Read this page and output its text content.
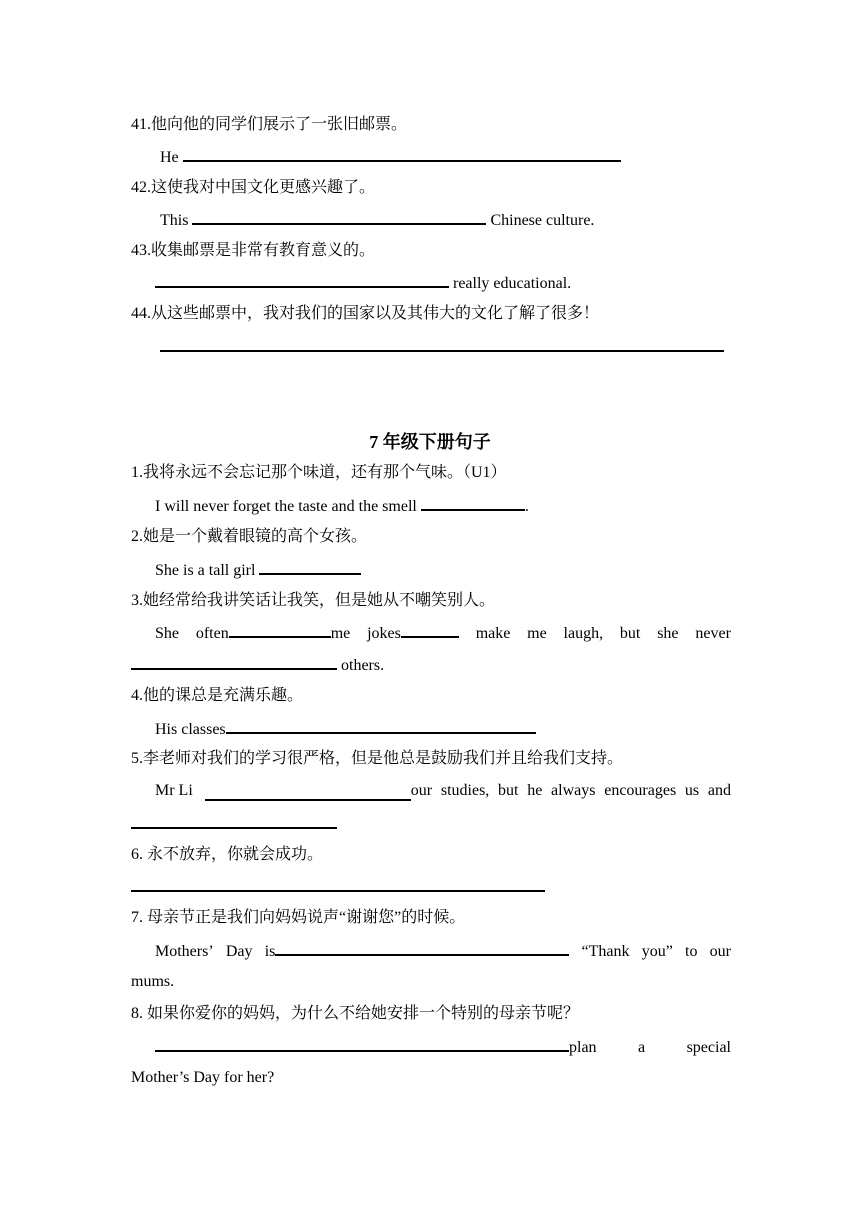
41.他向他的同学们展示了一张旧邮票。
He
42.这使我对中国文化更感兴趣了。
This	Chinese culture.
43.收集邮票是非常有教育意义的。
really educational.
44.从这些邮票中，我对我们的国家以及其伟大的文化了解了很多！
7 年级下册句子
1.我将永远不会忘记那个味道，还有那个气味。（U1）
I will never forget the taste and the smell	.
2.她是一个戴着眼镜的高个女孩。
She is a tall girl
3.她经常给我讲笑话让我笑，但是她从不嘲笑别人。
She often	me jokes	make me laugh, but she never
others.
4.他的课总是充满乐趣。
His classes
5.李老师对我们的学习很严格，但是他总是鼓励我们并且给我们支持。
Mr Li	our studies, but he always encourages us and
6. 永不放弃，你就会成功。
7. 母亲节正是我们向妈妈说声“谢谢您”的时候。
Mothers’ Day is	“Thank you” to our
mums.
8. 如果你爱你的妈妈，为什么不给她安排一个特别的母亲节呢？
plan	a	special
Mother’s Day for her?
